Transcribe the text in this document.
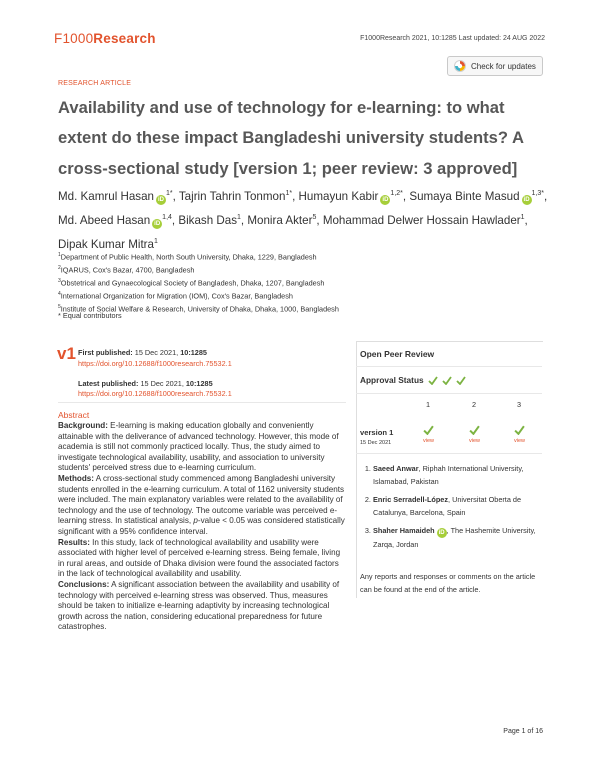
F1000Research	F1000Research 2021, 10:1285 Last updated: 24 AUG 2022
RESEARCH ARTICLE
Check for updates
Availability and use of technology for e-learning: to what extent do these impact Bangladeshi university students? A cross-sectional study [version 1; peer review: 3 approved]
Md. Kamrul Hasan $iD^{1*}$, Tajrin Tahrin Tonmon$^{1*}$, Humayun Kabir $iD^{1,2*}$, Sumaya Binte Masud $iD^{1,3*}$, Md. Abeed Hasan iD$^{1,4}$, Bikash Das$^1$, Monira Akter$^5$, Mohammad Delwer Hossain Hawlader$^1$, Dipak Kumar Mitra$^1$
$^1$Department of Public Health, North South University, Dhaka, 1229, Bangladesh
$^2$IQARUS, Cox's Bazar, 4700, Bangladesh
$^3$Obstetrical and Gynaecological Society of Bangladesh, Dhaka, 1207, Bangladesh
$^4$International Organization for Migration (IOM), Cox's Bazar, Bangladesh
$^5$Institute of Social Welfare & Research, University of Dhaka, Dhaka, 1000, Bangladesh
* Equal contributors
v1 First published: 15 Dec 2021, 10:1285
https://doi.org/10.12688/f1000research.75532.1
Latest published: 15 Dec 2021, 10:1285
https://doi.org/10.12688/f1000research.75532.1
Abstract

Background: E-learning is making education globally and conveniently attainable with the deliverance of advanced technology. However, this mode of academia is still not commonly practiced locally. Thus, the study aimed to investigate technological availability, usability, and association to university students' perceived stress due to e-learning curriculum.

Methods: A cross-sectional study commenced among Bangladeshi university students enrolled in the e-learning curriculum. A total of 1162 university students were included. The main explanatory variables were related to the availability of technology and the use of technology. The outcome variable was perceived e-learning stress. In statistical analysis, p-value < 0.05 was considered statistically significant with a 95% confidence interval.

Results: In this study, lack of technological availability and usability were associated with higher level of perceived e-learning stress. Being female, living in rural areas, and outside of Dhaka division were found the associated factors in the lack of technological availability and usability.

Conclusions: A significant association between the availability and usability of technology with perceived e-learning stress was observed. Thus, measures should be taken to initialize e-learning adaptivity by increasing technological growth across the nation, considering educational preparedness for future catastrophes.

Open Peer Review
Approval Status
1	2	3
version 1
15 Dec 2021	view	view	view
1. Saeed Anwar, Riphah International University, Islamabad, Pakistan
2. Enric Serradell-López, Universitat Oberta de Catalunya, Barcelona, Spain
3. Shaher Hamaideh iD , The Hashemite University, Zarqa, Jordan
Any reports and responses or comments on the article can be found at the end of the article.
Page 1 of 16
